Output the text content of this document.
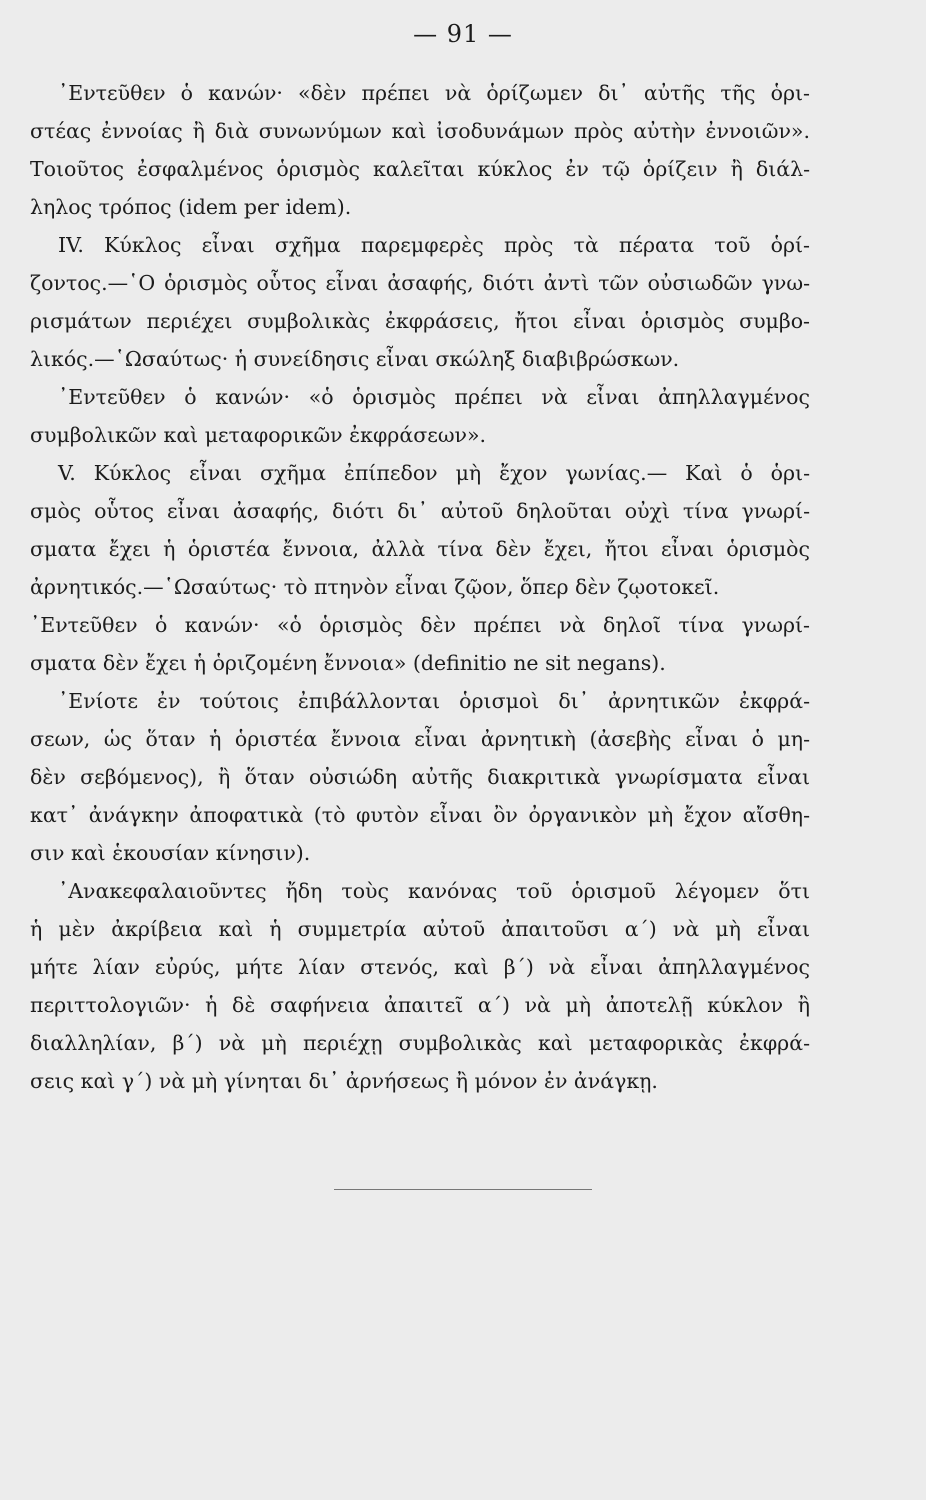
— 91 —
᾿Εντεῦθεν ὁ κανών· «δὲν πρέπει νὰ ὁρίζωμεν δι᾿ αὐτῆς τῆς ὁρι-
στέας ἐννοίας ἢ διὰ συνωνύμων καὶ ἰσοδυνάμων πρὸς αὐτὴν ἐννοιῶν».
Τοιοῦτος ἐσφαλμένος ὁρισμὸς καλεῖται κύκλος ἐν τῷ ὁρίζειν ἢ διάλ-
ληλος τρόπος (idem per idem).
IV. Κύκλος εἶναι σχῆμα παρεμφερὲς πρὸς τὰ πέρατα τοῦ ὁρί-
ζοντος.—῾Ο ὁρισμὸς οὗτος εἶναι ἀσαφής, διότι ἀντὶ τῶν οὐσιωδῶν γνω-
ρισμάτων περιέχει συμβολικὰς ἐκφράσεις, ἤτοι εἶναι ὁρισμὸς συμβο-
λικός.—῾Ωσαύτως· ἡ συνείδησις εἶναι σκώληξ διαβιβρώσκων.
᾿Εντεῦθεν ὁ κανών· «ὁ ὁρισμὸς πρέπει νὰ εἶναι ἀπηλλαγμένος
συμβολικῶν καὶ μεταφορικῶν ἐκφράσεων».
V. Κύκλος εἶναι σχῆμα ἐπίπεδον μὴ ἔχον γωνίας.— Καὶ ὁ ὁρι-
σμὸς οὗτος εἶναι ἀσαφής, διότι δι᾿ αὐτοῦ δηλοῦται οὐχὶ τίνα γνωρί-
σματα ἔχει ἡ ὁριστέα ἔννοια, ἀλλὰ τίνα δὲν ἔχει, ἤτοι εἶναι ὁρισμὸς
ἀρνητικός.—῾Ωσαύτως· τὸ πτηνὸν εἶναι ζῷον, ὅπερ δὲν ζῳοτοκεῖ.
᾿Εντεῦθεν ὁ κανών· «ὁ ὁρισμὸς δὲν πρέπει νὰ δηλοῖ τίνα γνωρί-
σματα δὲν ἔχει ἡ ὁριζομένη ἔννοια» (definitio ne sit negans).
᾿Ενίοτε ἐν τούτοις ἐπιβάλλονται ὁρισμοὶ δι᾿ ἀρνητικῶν ἐκφρά-
σεων, ὡς ὅταν ἡ ὁριστέα ἔννοια εἶναι ἀρνητικὴ (ἀσεβὴς εἶναι ὁ μη-
δὲν σεβόμενος), ἢ ὅταν οὐσιώδη αὐτῆς διακριτικὰ γνωρίσματα εἶναι
κατ᾿ ἀνάγκην ἀποφατικὰ (τὸ φυτὸν εἶναι ὂν ὀργανικὸν μὴ ἔχον αἴσθη-
σιν καὶ ἑκουσίαν κίνησιν).
᾿Ανακεφαλαιοῦντες ἤδη τοὺς κανόνας τοῦ ὁρισμοῦ λέγομεν ὅτι
ἡ μὲν ἀκρίβεια καὶ ἡ συμμετρία αὐτοῦ ἀπαιτοῦσι α΄) νὰ μὴ εἶναι
μήτε λίαν εὐρύς, μήτε λίαν στενός, καὶ β΄) νὰ εἶναι ἀπηλλαγμένος
περιττολογιῶν· ἡ δὲ σαφήνεια ἀπαιτεῖ α΄) νὰ μὴ ἀποτελῇ κύκλον ἢ
διαλληλίαν, β΄) νὰ μὴ περιέχῃ συμβολικὰς καὶ μεταφορικὰς ἐκφρά-
σεις καὶ γ΄) νὰ μὴ γίνηται δι᾿ ἀρνήσεως ἢ μόνον ἐν ἀνάγκῃ.
